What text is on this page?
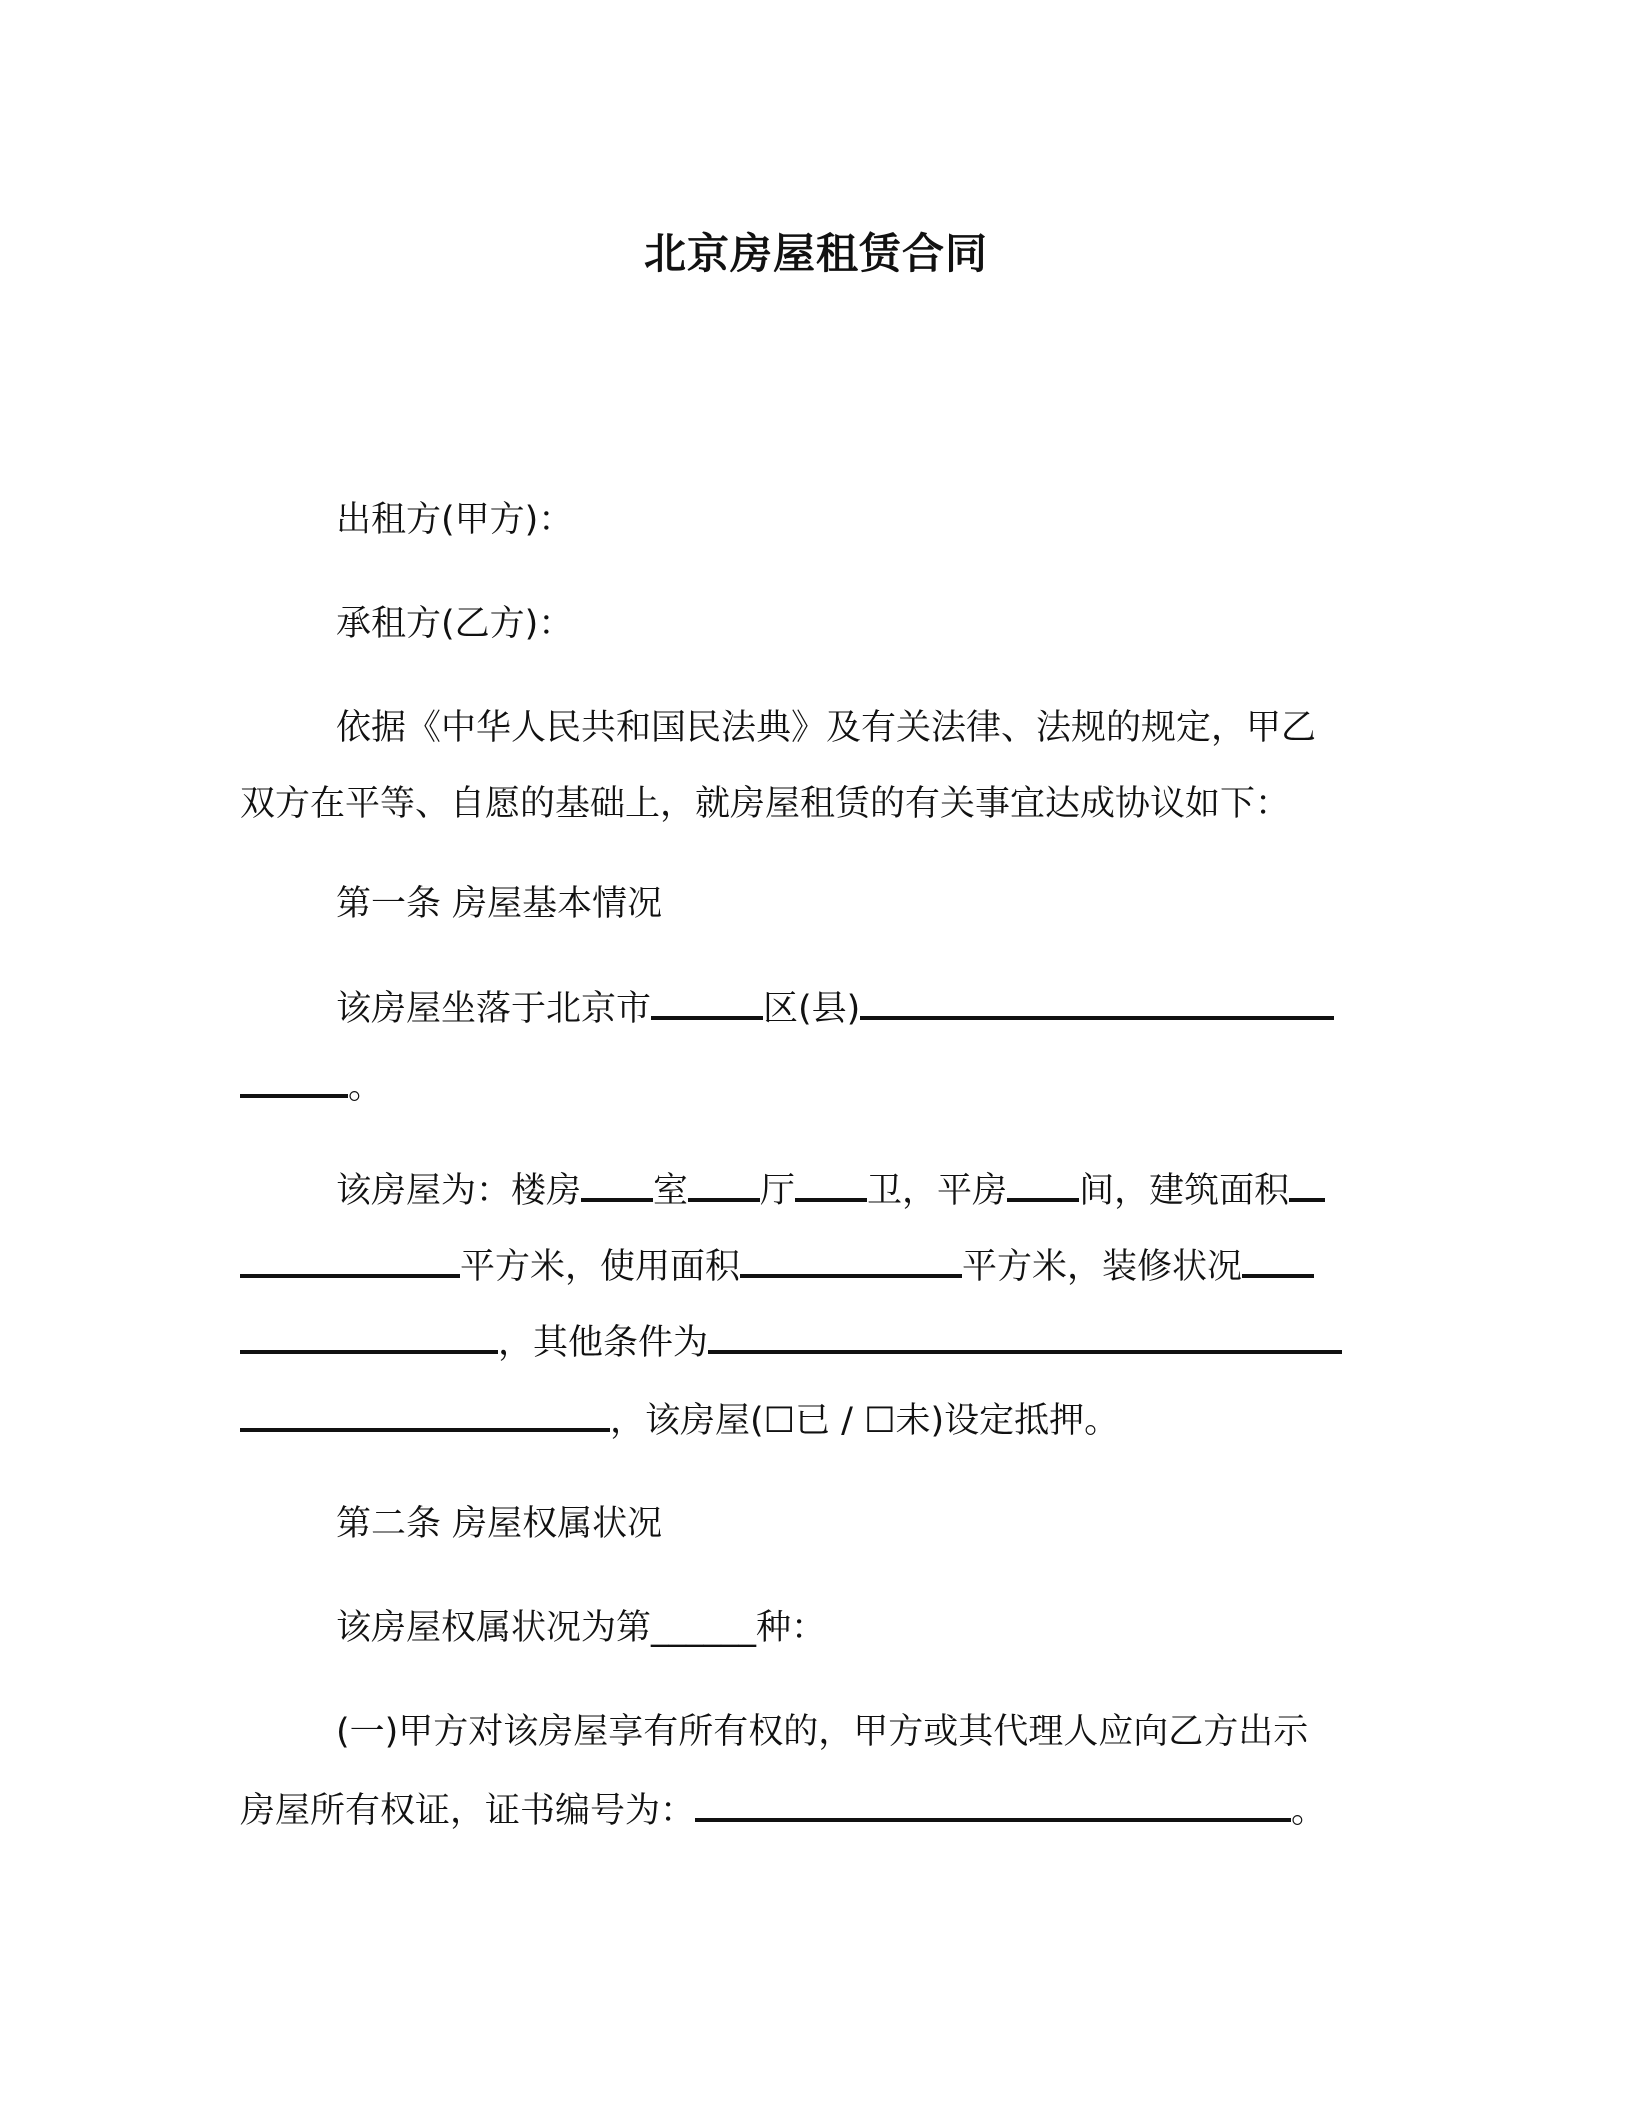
北京房屋租赁合同
出租方(甲方)：
承租方(乙方)：
依据《中华人民共和国民法典》及有关法律、法规的规定，甲乙
双方在平等、自愿的基础上，就房屋租赁的有关事宜达成协议如下：
第一条 房屋基本情况
该房屋坐落于北京市	区(县)
。
该房屋为：楼房 室 厅 卫，平房 间，建筑面积
平方米，使用面积	平方米，装修状况
，其他条件为
，该房屋(☐已 / ☐未)设定抵押。
第二条 房屋权属状况
该房屋权属状况为第______种：
(一)甲方对该房屋享有所有权的，甲方或其代理人应向乙方出示
房屋所有权证，证书编号为：	。
